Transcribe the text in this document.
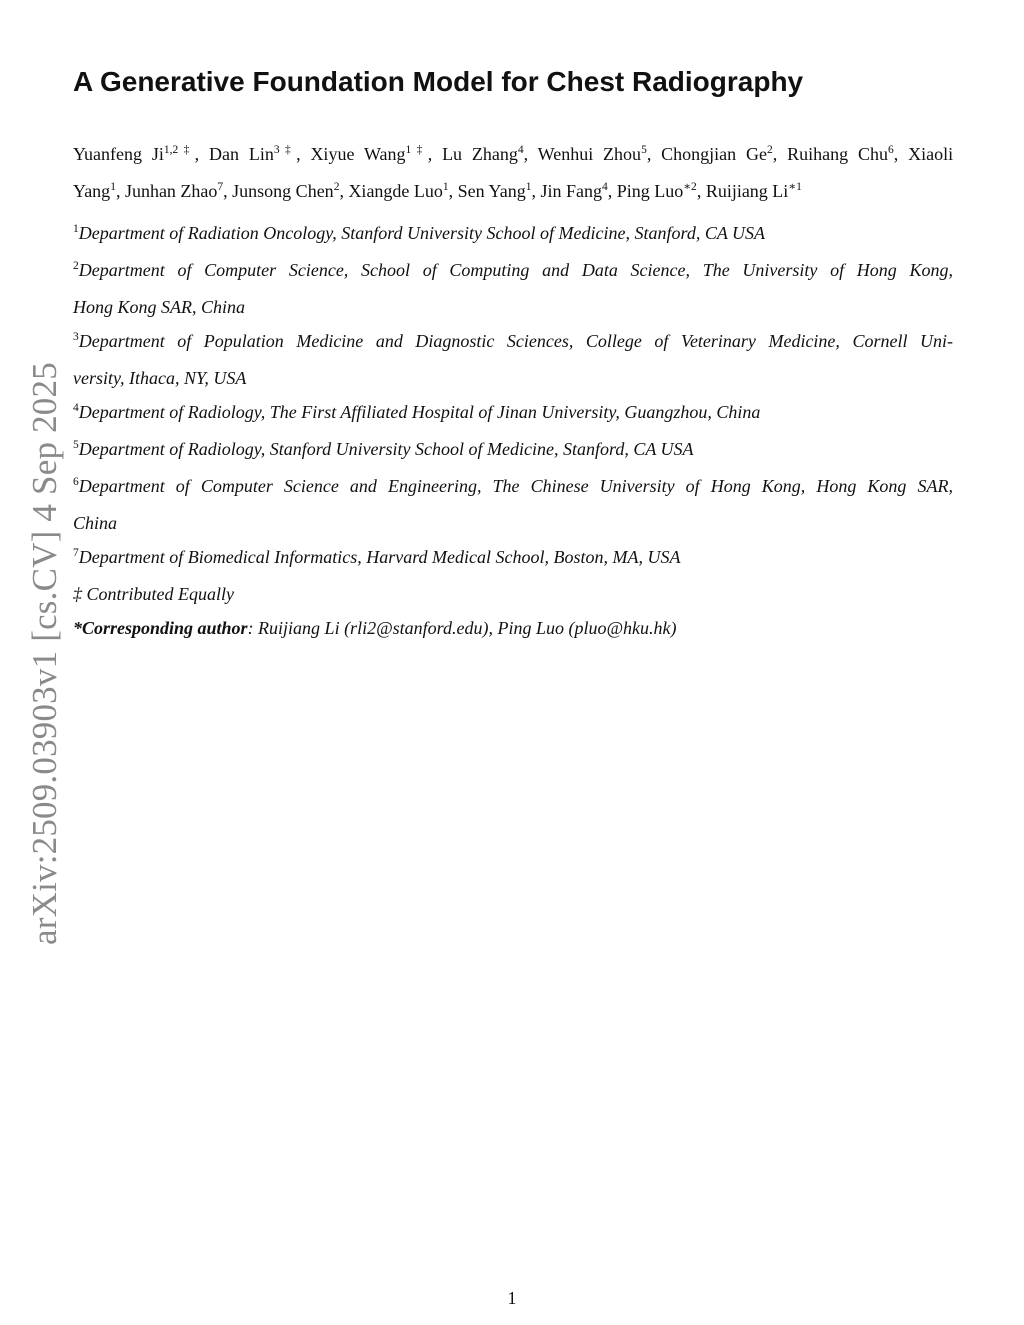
arXiv:2509.03903v1 [cs.CV] 4 Sep 2025
A Generative Foundation Model for Chest Radiography
Yuanfeng $Ji^{1,2\ddagger}$, Dan Lin$^{3\ddagger}$, Xiyue Wang$^{1\ddagger}$, Lu Zhang$^4$, Wenhui Zhou$^5$, Chongjian Ge$^2$, Ruihang Chu$^6$, Xiaoli
Yang$^1$, Junhan Zhao$^7$, Junsong Chen$^2$, Xiangde Luo$^1$, Sen Yang$^1$, Jin Fang$^4$, Ping Luo$^{∗2}$, Ruijiang $Li^{∗1}$
$^1$Department of Radiation Oncology, Stanford University School of Medicine, Stanford, CA USA
$^2$Department of Computer Science, School of Computing and Data Science, The University of Hong Kong,
Hong Kong SAR, China
$^3$Department of Population Medicine and Diagnostic Sciences, College of Veterinary Medicine, Cornell Uni-
versity, Ithaca, NY, USA
$^4$Department of Radiology, The First Affiliated Hospital of Jinan University, Guangzhou, China
$^5$Department of Radiology, Stanford University School of Medicine, Stanford, CA USA
$^6$Department of Computer Science and Engineering, The Chinese University of Hong Kong, Hong Kong SAR,
China
$^7$Department of Biomedical Informatics, Harvard Medical School, Boston, MA, USA
‡ Contributed Equally
*Corresponding author: Ruijiang Li (rli2@stanford.edu), Ping Luo (pluo@hku.hk)
1
